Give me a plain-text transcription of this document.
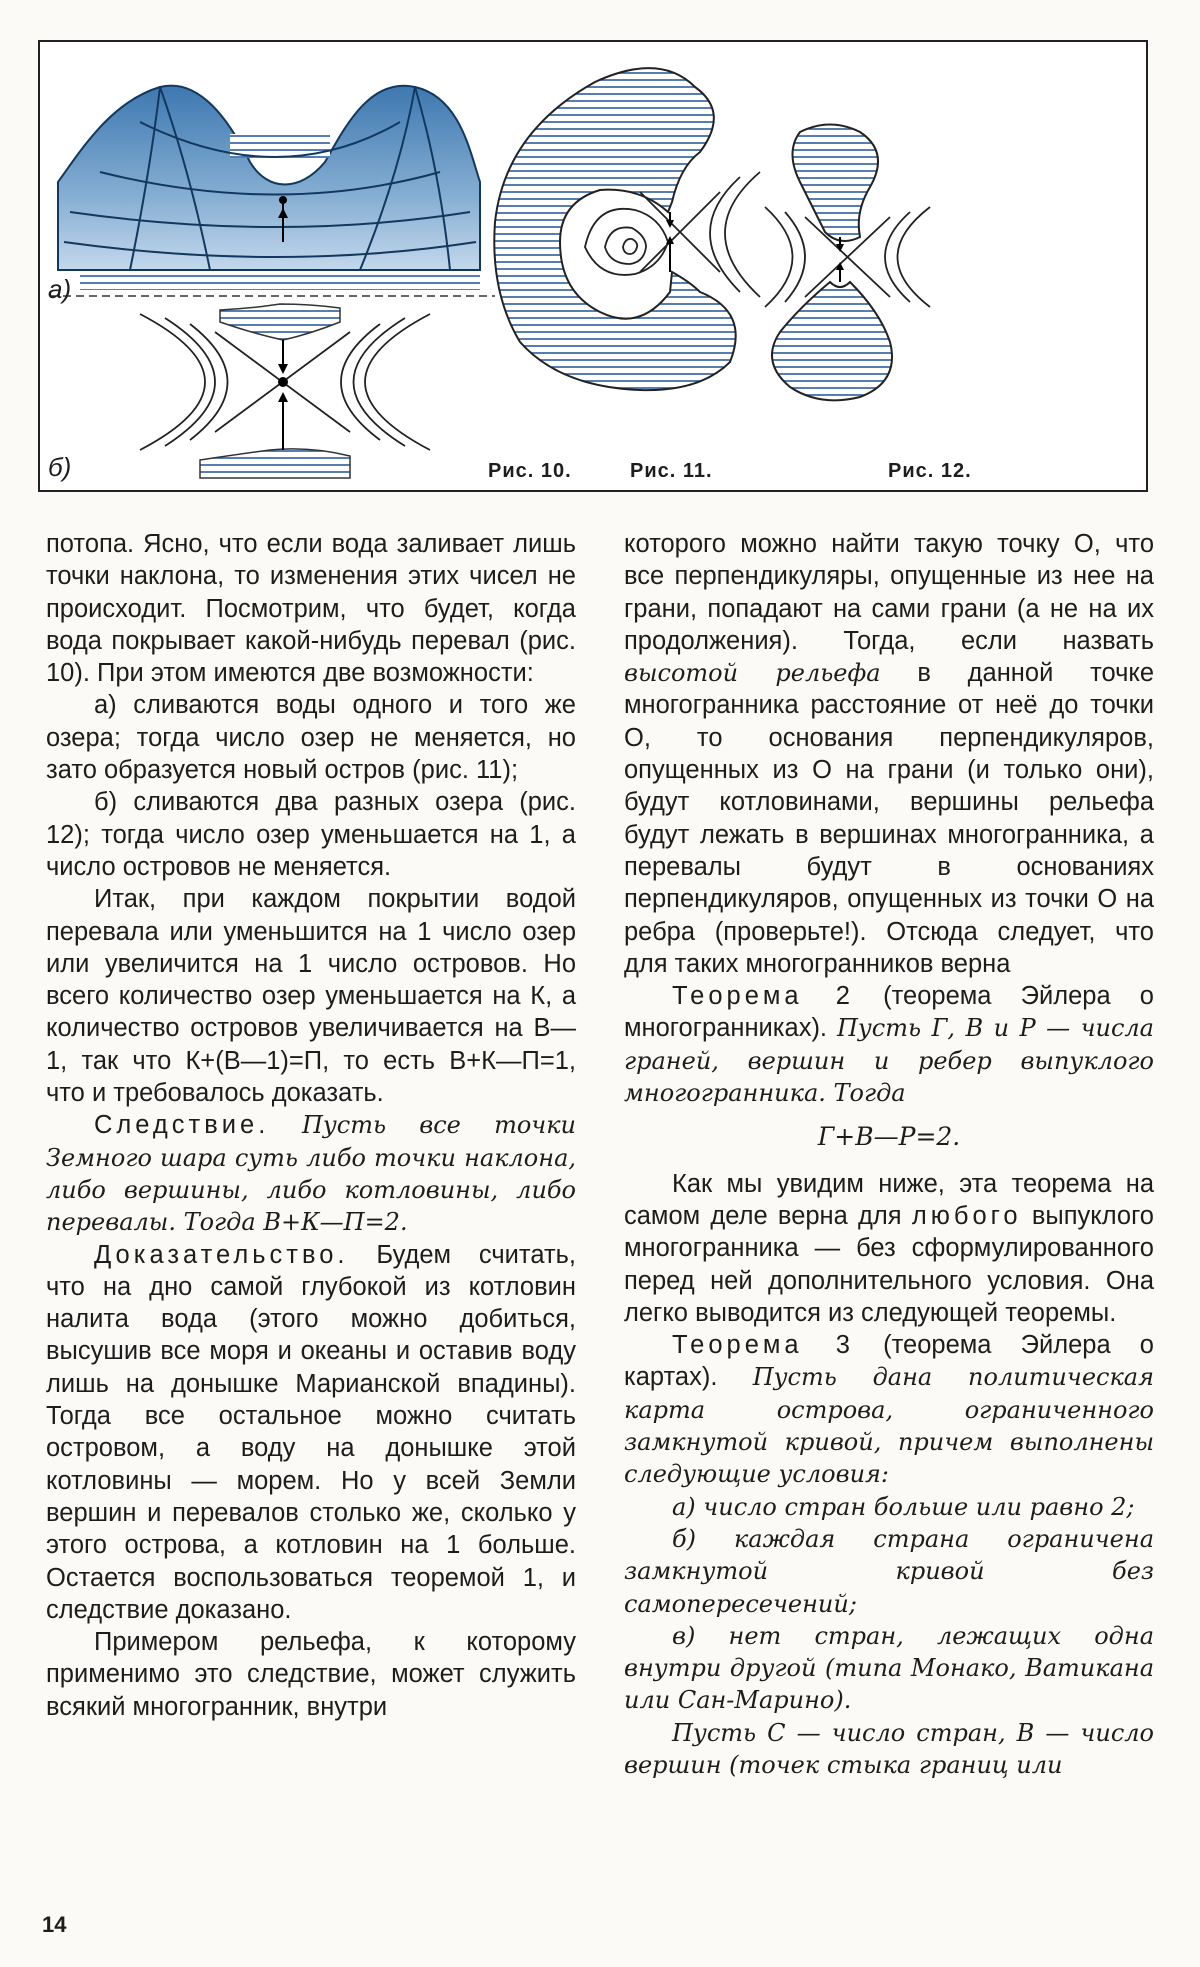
а)
б)	Рис. 10.	Рис. 11.	Рис. 12.

потопа. Ясно, что если вода заливает лишь точки наклона, то изменения этих чисел не происходит. Посмотрим, что будет, когда вода покрывает какой-нибудь перевал (рис. 10). При этом имеются две возможности:

а) сливаются воды одного и того же озера; тогда число озер не меняется, но зато образуется новый остров (рис. 11);

б) сливаются два разных озера (рис. 12); тогда число озер уменьшается на 1, а число островов не меняется.

Итак, при каждом покрытии водой перевала или уменьшится на 1 число озер или увеличится на 1 число островов. Но всего количество озер уменьшается на К, а количество островов увеличивается на В—1, так что К+(В—1)=П, то есть В+К—П=1, что и требовалось доказать.

Следствие. Пусть все точки Земного шара суть либо точки наклона, либо вершины, либо котловины, либо перевалы. Тогда В+К—П=2.

Доказательство. Будем считать, что на дно самой глубокой из котловин налита вода (этого можно добиться, высушив все моря и океаны и оставив воду лишь на донышке Марианской впадины). Тогда все остальное можно считать островом, а воду на донышке этой котловины — морем. Но у всей Земли вершин и перевалов столько же, сколько у этого острова, а котловин на 1 больше. Остается воспользоваться теоремой 1, и следствие доказано.

Примером рельефа, к которому применимо это следствие, может служить всякий многогранник, внутри

которого можно найти такую точку О, что все перпендикуляры, опущенные из нее на грани, попадают на сами грани (а не на их продолжения). Тогда, если назвать высотой рельефа в данной точке многогранника расстояние от неё до точки О, то основания перпендикуляров, опущенных из О на грани (и только они), будут котловинами, вершины рельефа будут лежать в вершинах многогранника, а перевалы будут в основаниях перпендикуляров, опущенных из точки О на ребра (проверьте!). Отсюда следует, что для таких многогранников верна

Теорема 2 (теорема Эйлера о многогранниках). Пусть Г, В и Р — числа граней, вершин и ребер выпуклого многогранника. Тогда

Г+В—Р=2.

Как мы увидим ниже, эта теорема на самом деле верна для любого выпуклого многогранника — без сформулированного перед ней дополнительного условия. Она легко выводится из следующей теоремы.

Теорема 3 (теорема Эйлера о картах). Пусть дана политическая карта острова, ограниченного замкнутой кривой, причем выполнены следующие условия:

а) число стран больше или равно 2;

б) каждая страна ограничена замкнутой кривой без самопересечений;

в) нет стран, лежащих одна внутри другой (типа Монако, Ватикана или Сан-Марино).

Пусть С — число стран, В — число вершин (точек стыка границ или

14
